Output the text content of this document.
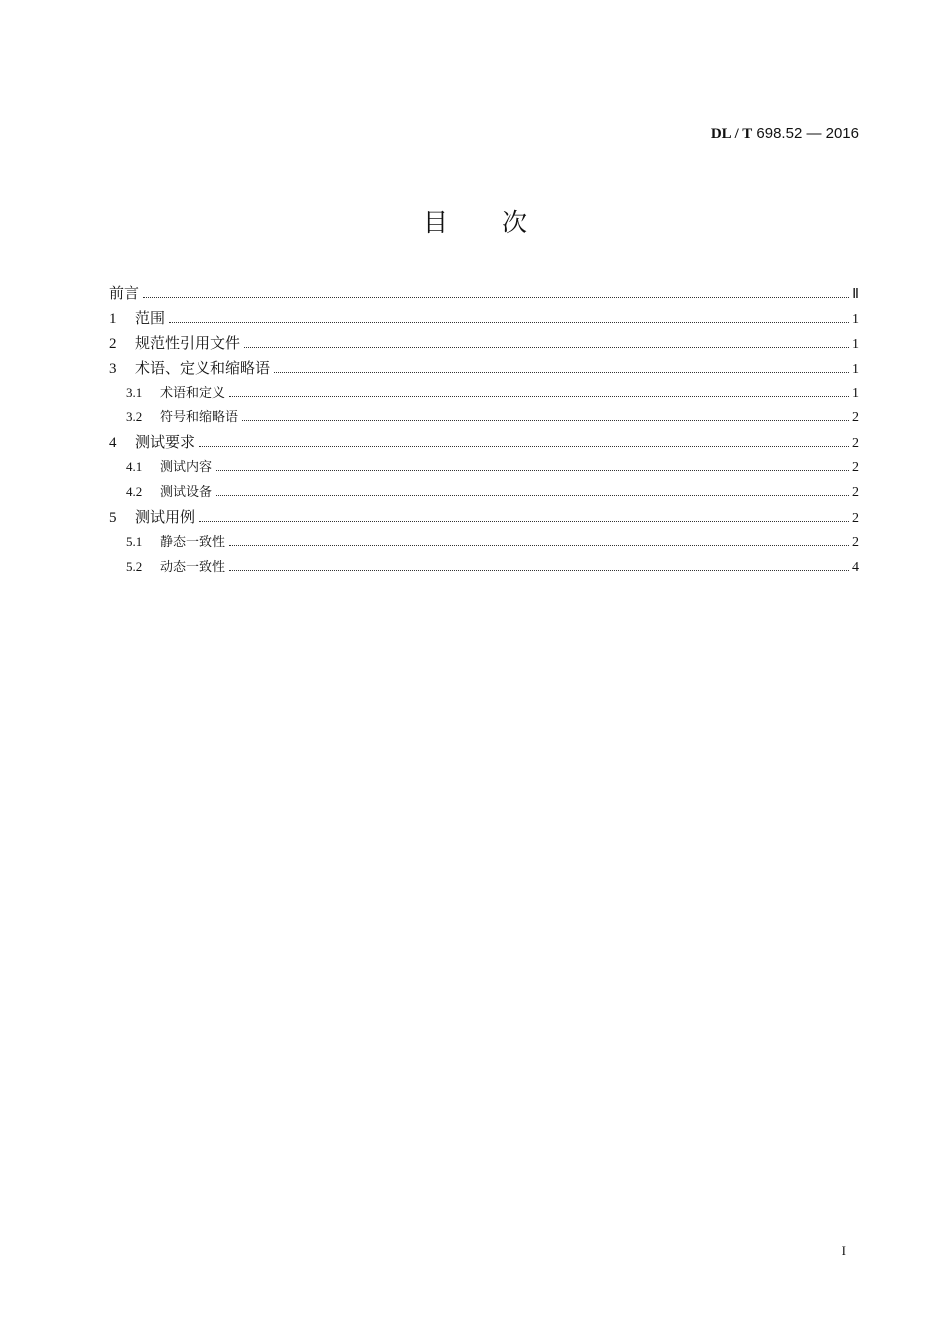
DL / T 698.52 — 2016
目次
前言	Ⅱ
1	范围	1
2	规范性引用文件	1
3	术语、定义和缩略语	1
3.1	术语和定义	1
3.2	符号和缩略语	2
4	测试要求	2
4.1	测试内容	2
4.2	测试设备	2
5	测试用例	2
5.1	静态一致性	2
5.2	动态一致性	4
I
